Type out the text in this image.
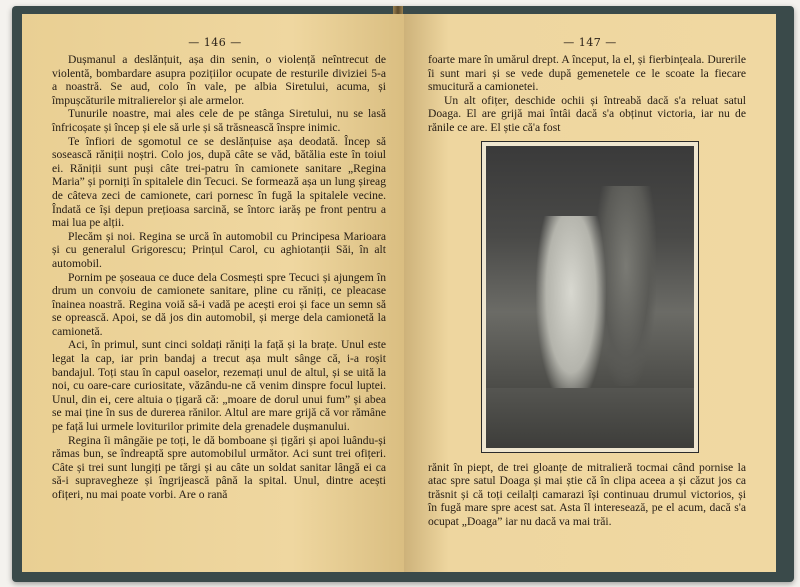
— 146 —

Dușmanul a deslănțuit, așa din senin, o violență neîntrecut de violentă, bombardare asupra pozițiilor ocupate de resturile diviziei 5-a a noastră. Se aud, colo în vale, pe albia Siretului, acuma, și împușcăturile mitralierelor și ale armelor.

Tunurile noastre, mai ales cele de pe stânga Siretului, nu se lasă înfricoșate și încep și ele să urle și să trăsnească înspre inimic.

Te înfiori de sgomotul ce se deslănțuise așa deodată. Încep să sosească răniții noștri. Colo jos, după câte se văd, bătălia este în toiul ei. Răniții sunt puși câte trei-patru în camionete sanitare „Regina Maria” și porniți în spitalele din Tecuci. Se formează așa un lung șireag de câteva zeci de camionete, cari pornesc în fugă la spitalele vecine. Îndată ce își depun prețioasa sarcină, se întorc iarăș pe front pentru a mai lua pe alții.

Plecăm și noi. Regina se urcă în automobil cu Principesa Marioara și cu generalul Grigorescu; Prințul Carol, cu aghiotanții Săi, în alt automobil.

Pornim pe șoseaua ce duce dela Cosmești spre Tecuci și ajungem în drum un convoiu de camionete sanitare, pline cu răniți, ce pleacase înainea noastră. Regina voiă să-i vadă pe acești eroi și face un semn să se oprească. Apoi, se dă jos din automobil, și merge dela camionetă la camionetă.

Aci, în primul, sunt cinci soldați răniți la față și la brațe. Unul este legat la cap, iar prin bandaj a trecut așa mult sânge că, i-a roșit bandajul. Toți stau în capul oaselor, rezemați unul de altul, și se uită la noi, cu oare-care curiositate, văzându-ne că venim dinspre focul luptei. Unul, din ei, cere altuia o țigară că: „moare de dorul unui fum” și abea se mai ține în sus de durerea rănilor. Altul are mare grijă că vor rămâne pe față lui urmele loviturilor primite dela grenadele dușmanului.

Regina îi mângăie pe toți, le dă bomboane și țigări și apoi luându-și rămas bun, se îndreaptă spre automobilul următor. Aci sunt trei ofițeri. Câte și trei sunt lungiți pe tărgi și au câte un soldat sanitar lângă ei ca să-i supravegheze și îngrijească până la spital. Unul, dintre acești ofițeri, nu mai poate vorbi. Are o rană

— 147 —

foarte mare în umărul drept. A început, la el, și fierbințeala. Durerile îi sunt mari și se vede după gemenetele ce le scoate la fiecare smucitură a camionetei.

Un alt ofițer, deschide ochii și întreabă dacă s'a reluat satul Doaga. El are grijă mai întâi dacă s'a obținut victoria, iar nu de rănile ce are. El știe că'a fost

rănit în piept, de trei gloanțe de mitralieră tocmai când pornise la atac spre satul Doaga și mai știe că în clipa aceea a și căzut jos ca trăsnit și că toți ceilalți camarazi își continuau drumul victorios, și în fugă mare spre acest sat. Asta îl interesează, pe el acum, dacă s'a ocupat „Doaga” iar nu dacă va mai trăi.
